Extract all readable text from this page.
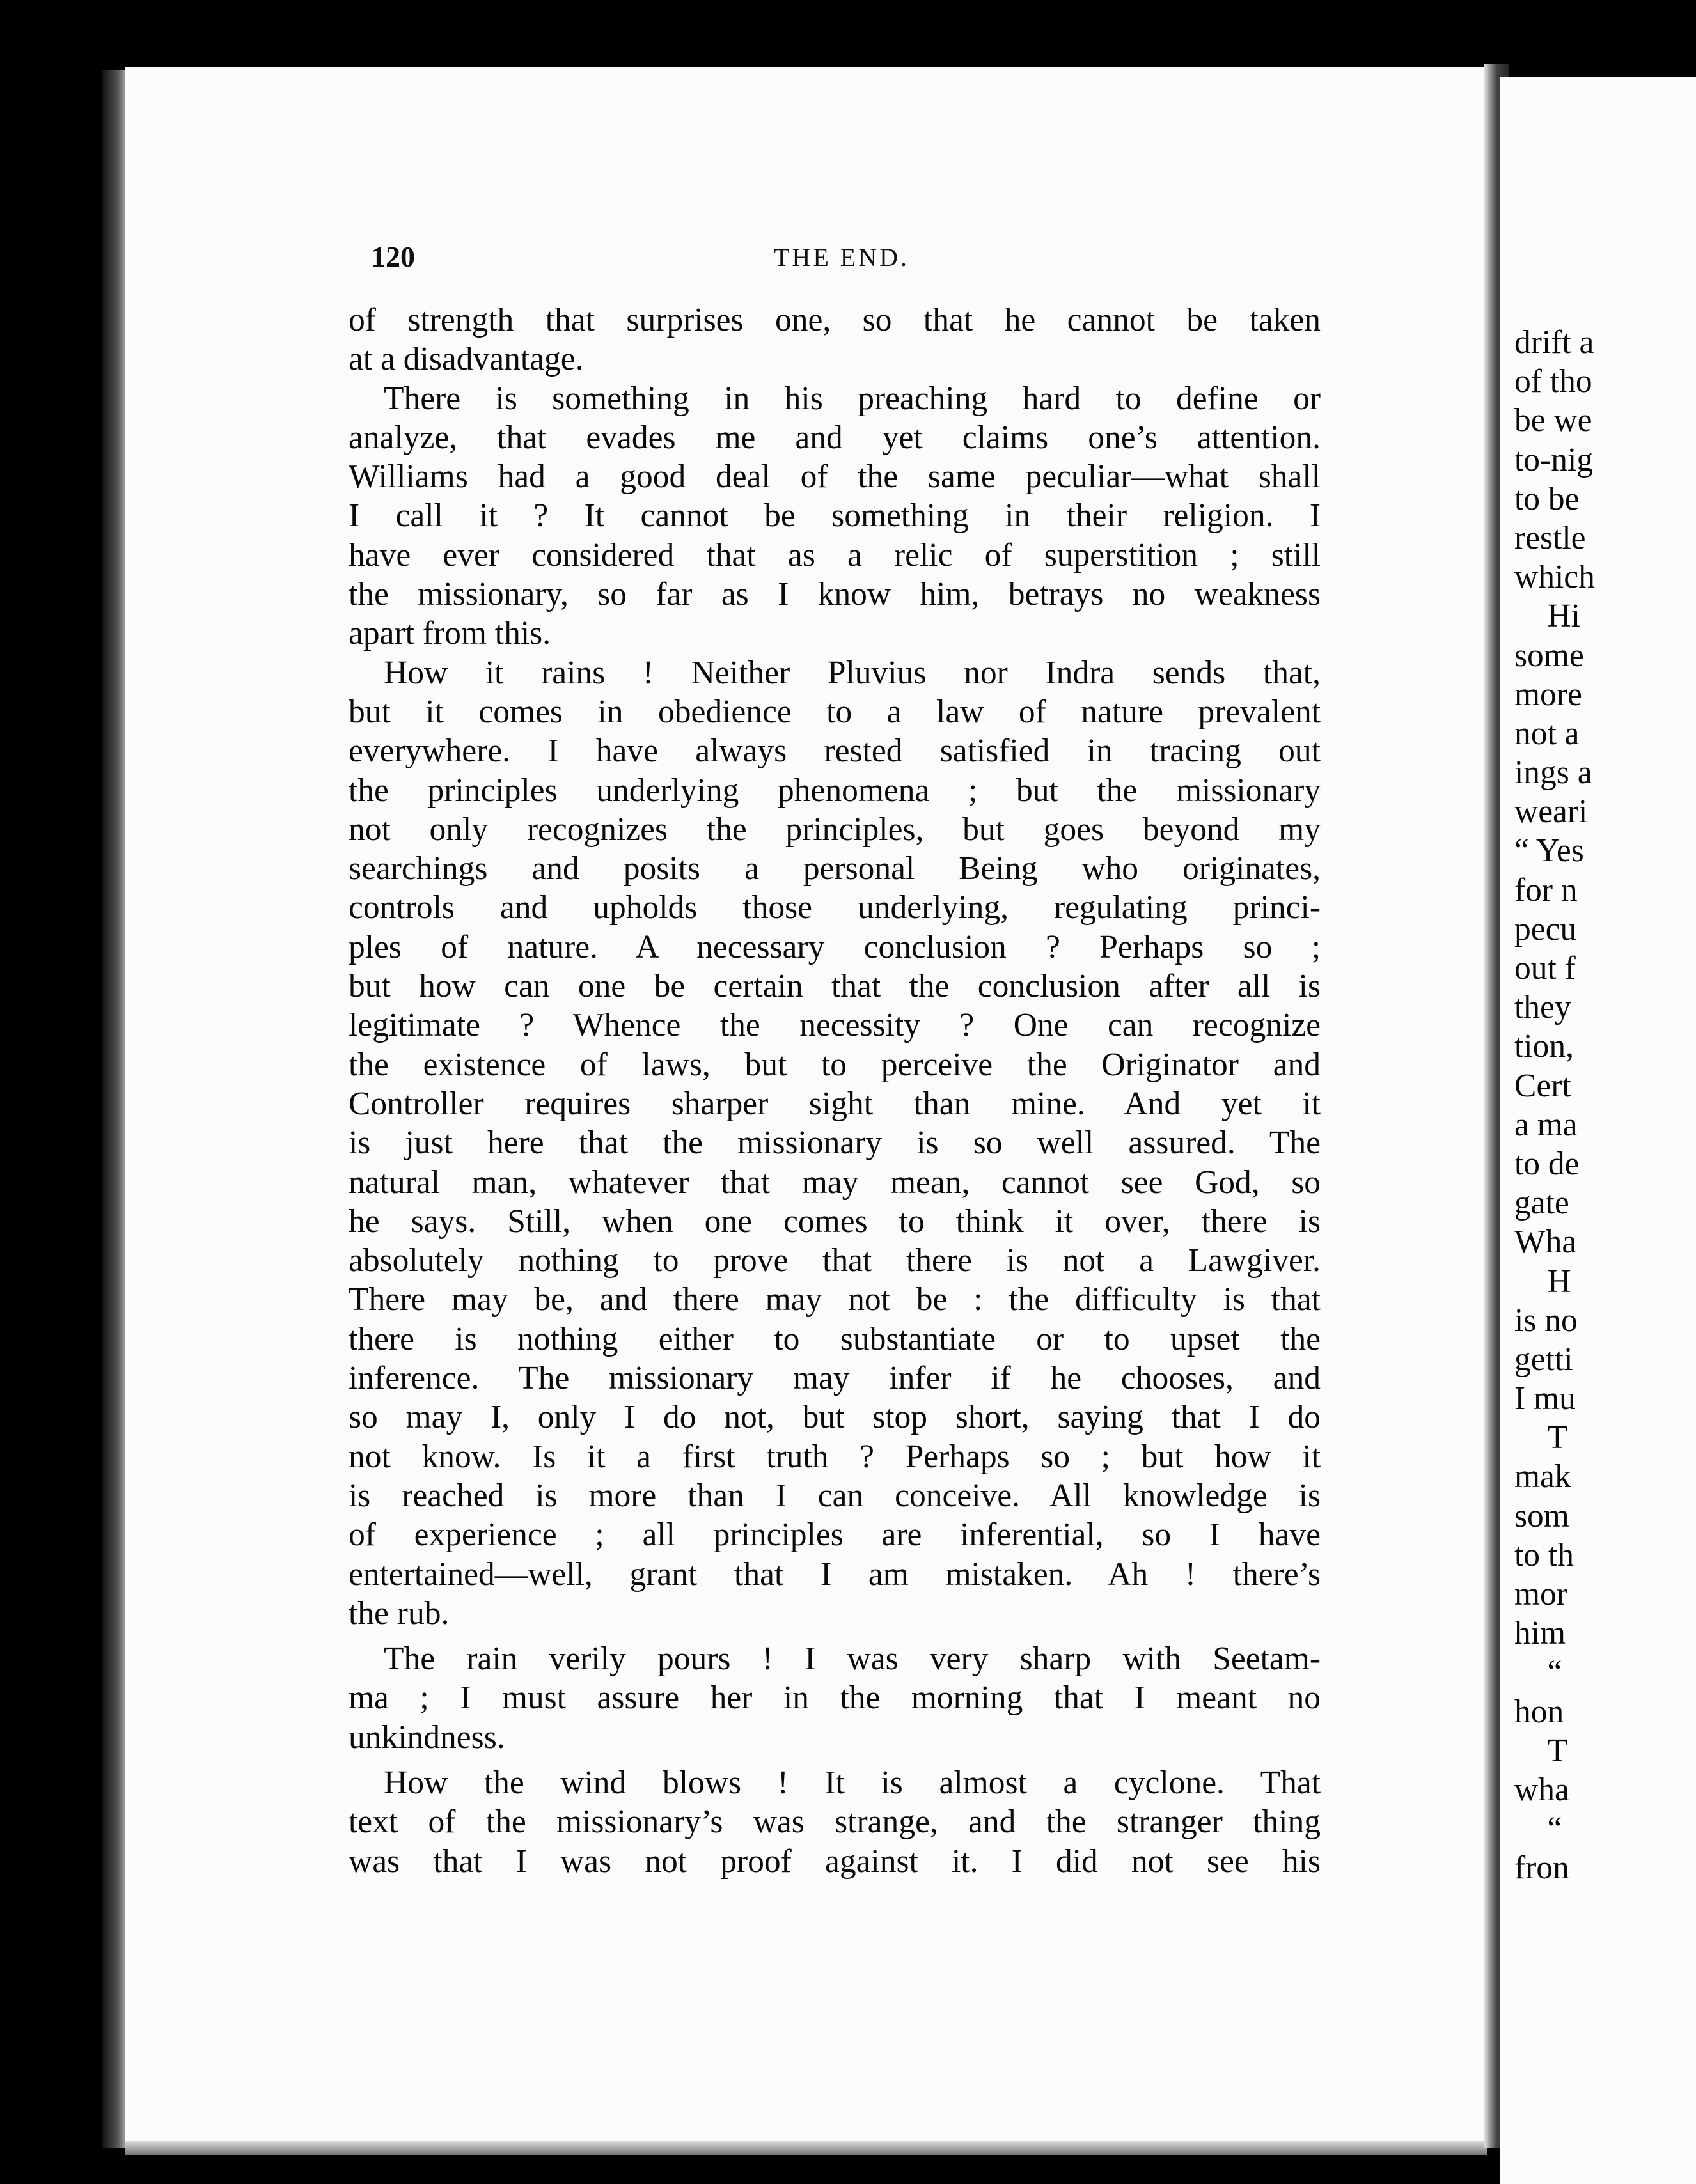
120	THE END.
of strength that surprises one, so that he cannot be taken
at a disadvantage.
There is something in his preaching hard to define or
analyze, that evades me and yet claims one’s attention.
Williams had a good deal of the same peculiar—what shall
I call it ? It cannot be something in their religion. I
have ever considered that as a relic of superstition ; still
the missionary, so far as I know him, betrays no weakness
apart from this.
How it rains ! Neither Pluvius nor Indra sends that,
but it comes in obedience to a law of nature prevalent
everywhere. I have always rested satisfied in tracing out
the principles underlying phenomena ; but the missionary
not only recognizes the principles, but goes beyond my
searchings and posits a personal Being who originates,
controls and upholds those underlying, regulating princi-
ples of nature. A necessary conclusion ? Perhaps so ;
but how can one be certain that the conclusion after all is
legitimate ? Whence the necessity ? One can recognize
the existence of laws, but to perceive the Originator and
Controller requires sharper sight than mine. And yet it
is just here that the missionary is so well assured. The
natural man, whatever that may mean, cannot see God, so
he says. Still, when one comes to think it over, there is
absolutely nothing to prove that there is not a Lawgiver.
There may be, and there may not be : the difficulty is that
there is nothing either to substantiate or to upset the
inference. The missionary may infer if he chooses, and
so may I, only I do not, but stop short, saying that I do
not know. Is it a first truth ? Perhaps so ; but how it
is reached is more than I can conceive. All knowledge is
of experience ; all principles are inferential, so I have
entertained—well, grant that I am mistaken. Ah ! there’s
the rub.
The rain verily pours ! I was very sharp with Seetam-
ma ; I must assure her in the morning that I meant no
unkindness.
How the wind blows ! It is almost a cyclone. That
text of the missionary’s was strange, and the stranger thing
was that I was not proof against it. I did not see his
drift a
of tho
be we
to-nig
to be
restle
which
 Hi
some
more
not a
ings a
weari
“ Yes
for n
pecu
out f
they
tion,
Cert
a ma
to de
gate
Wha
 H
is no
getti
I mu
 T
mak
som
to th
mor
him
 “
hon
 T
wha
 “
fron
